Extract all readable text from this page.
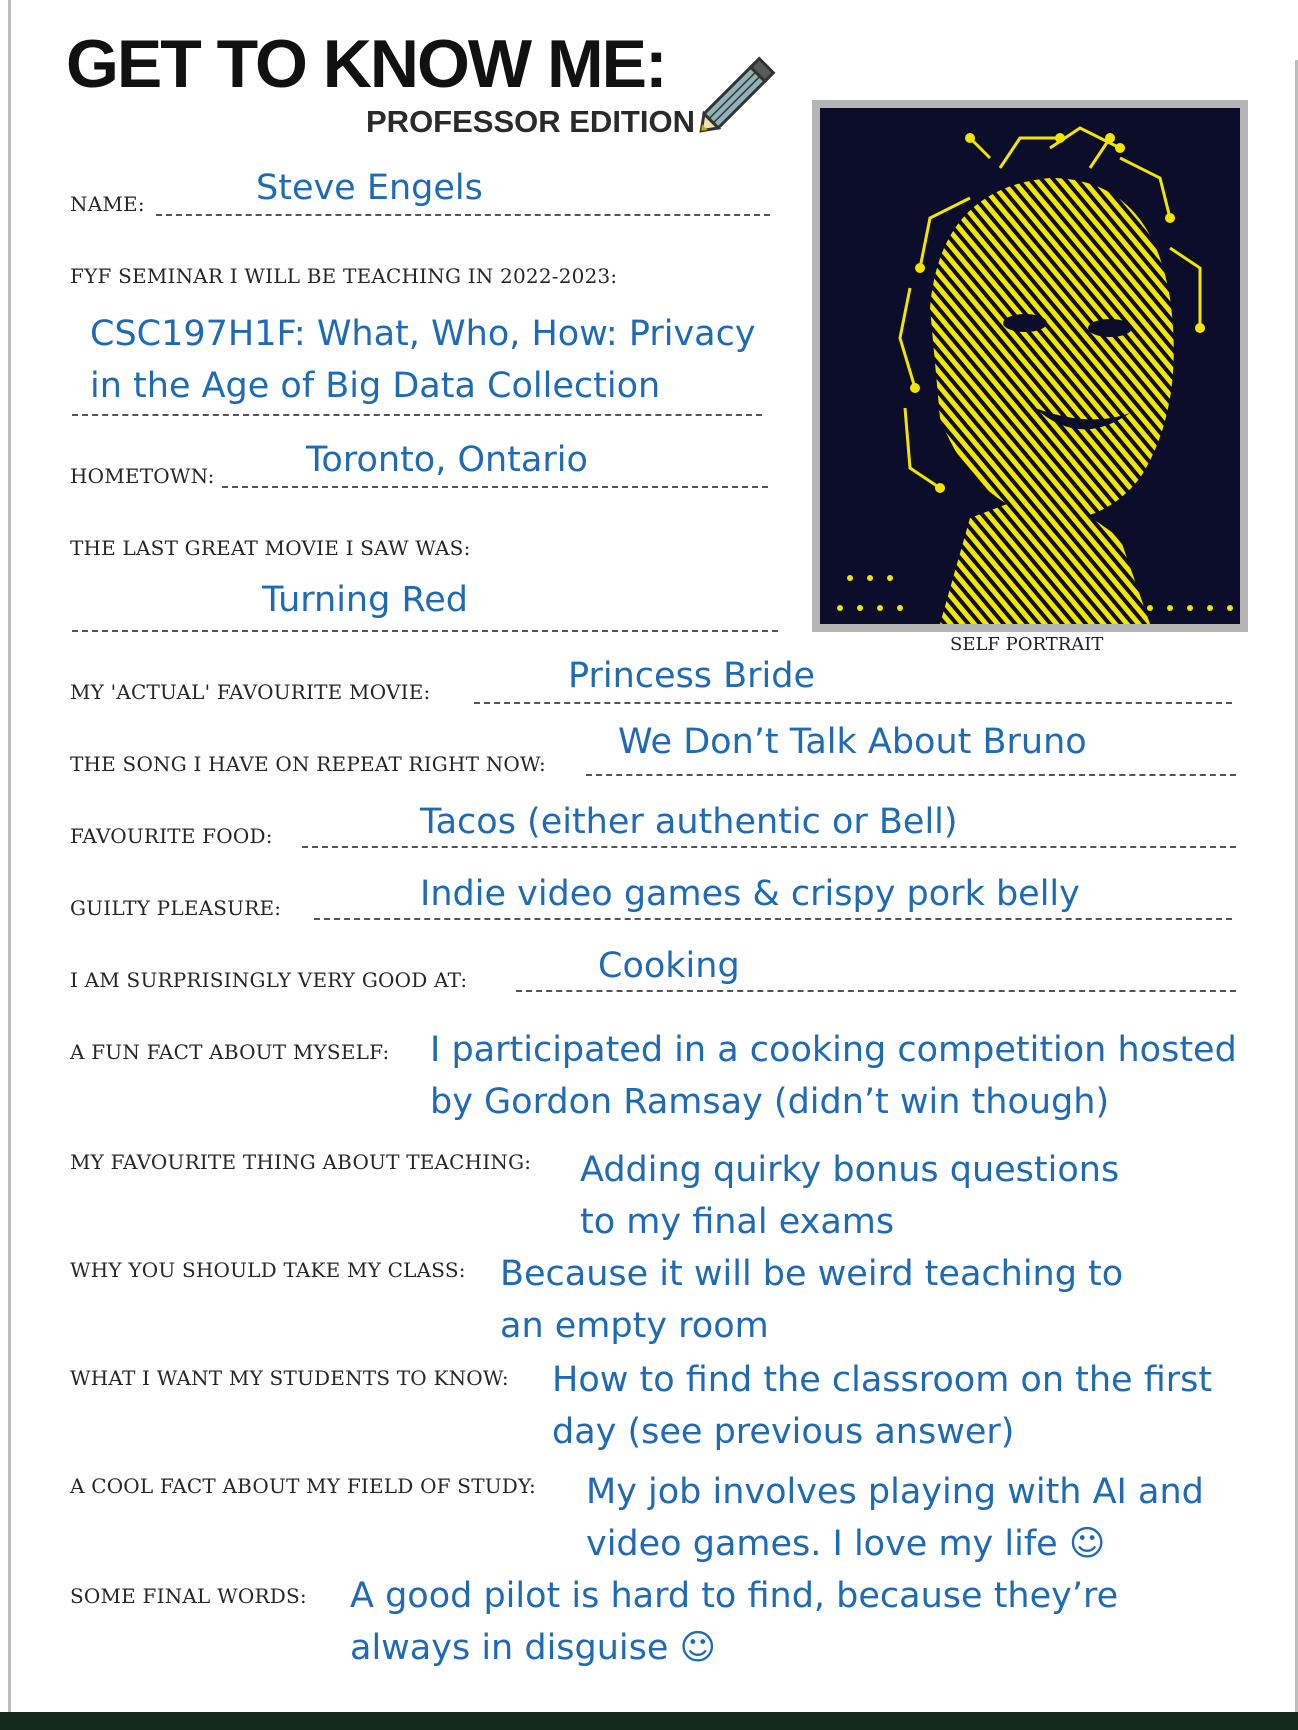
GET TO KNOW ME:
PROFESSOR EDITION
SELF PORTRAIT
NAME:	Steve Engels
FYF SEMINAR I WILL BE TEACHING IN 2022-2023:
CSC197H1F: What, Who, How: Privacy
in the Age of Big Data Collection
HOMETOWN:	Toronto, Ontario
THE LAST GREAT MOVIE I SAW WAS:
Turning Red
MY 'ACTUAL' FAVOURITE MOVIE:	Princess Bride
THE SONG I HAVE ON REPEAT RIGHT NOW:
We Don’t Talk About Bruno
FAVOURITE FOOD:	Tacos (either authentic or Bell)
GUILTY PLEASURE:	Indie video games & crispy pork belly
I AM SURPRISINGLY VERY GOOD AT:	Cooking
A FUN FACT ABOUT MYSELF: I participated in a cooking competition hosted
by Gordon Ramsay (didn’t win though)
MY FAVOURITE THING ABOUT TEACHING: Adding quirky bonus questions
to my final exams
WHY YOU SHOULD TAKE MY CLASS: Because it will be weird teaching to
an empty room
WHAT I WANT MY STUDENTS TO KNOW: How to find the classroom on the first
day (see previous answer)
A COOL FACT ABOUT MY FIELD OF STUDY: My job involves playing with AI and
video games. I love my life ☺
SOME FINAL WORDS: A good pilot is hard to find, because they’re
always in disguise ☺
